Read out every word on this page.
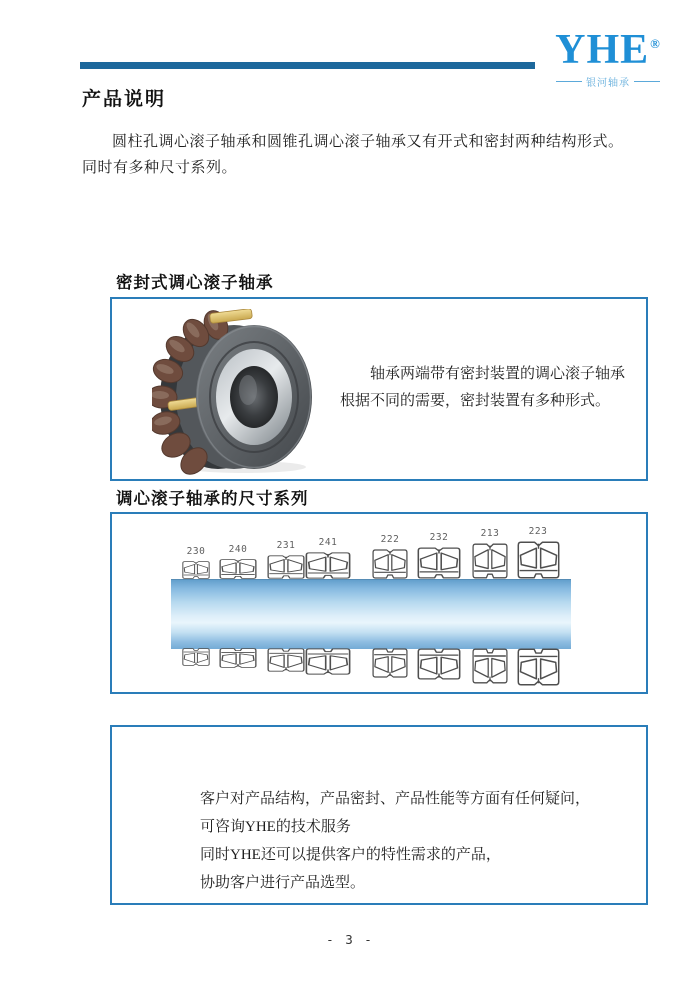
YHE®
银河轴承
产品说明
圆柱孔调心滚子轴承和圆锥孔调心滚子轴承又有开式和密封两种结构形式。同时有多种尺寸系列。
密封式调心滚子轴承
轴承两端带有密封装置的调心滚子轴承
根据不同的需要，密封装置有多种形式。
调心滚子轴承的尺寸系列
230	240	231	241	222	232	213	223
客户对产品结构，产品密封、产品性能等方面有任何疑问，
可咨询YHE的技术服务
同时YHE还可以提供客户的特性需求的产品，
协助客户进行产品选型。
- 3 -
